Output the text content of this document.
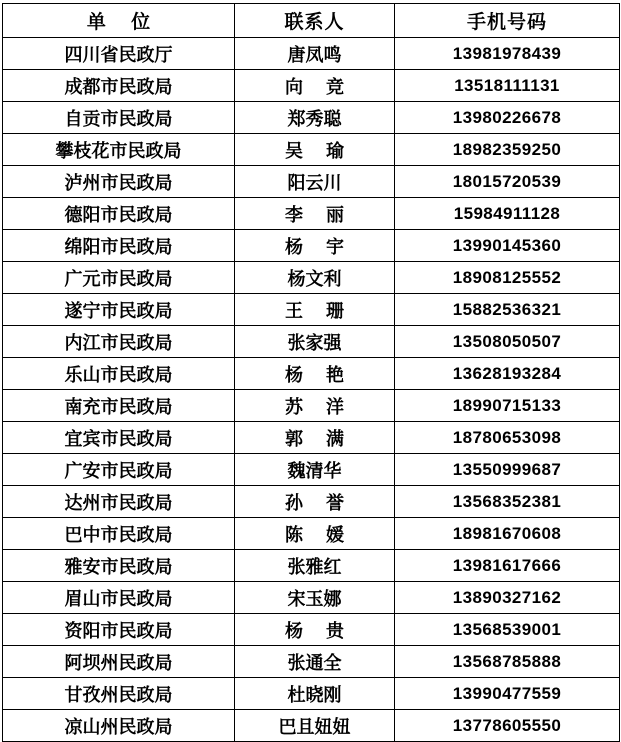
单 位	联系人	手机号码
四川省民政厅	唐凤鸣	13981978439
成都市民政局	向 竞	13518111131
自贡市民政局	郑秀聪	13980226678
攀枝花市民政局	吴 瑜	18982359250
泸州市民政局	阳云川	18015720539
德阳市民政局	李 丽	15984911128
绵阳市民政局	杨 宇	13990145360
广元市民政局	杨文利	18908125552
遂宁市民政局	王 珊	15882536321
内江市民政局	张家强	13508050507
乐山市民政局	杨 艳	13628193284
南充市民政局	苏 洋	18990715133
宜宾市民政局	郭 满	18780653098
广安市民政局	魏清华	13550999687
达州市民政局	孙 誉	13568352381
巴中市民政局	陈 媛	18981670608
雅安市民政局	张雅红	13981617666
眉山市民政局	宋玉娜	13890327162
资阳市民政局	杨 贵	13568539001
阿坝州民政局	张通全	13568785888
甘孜州民政局	杜晓刚	13990477559
凉山州民政局	巴且妞妞	13778605550
